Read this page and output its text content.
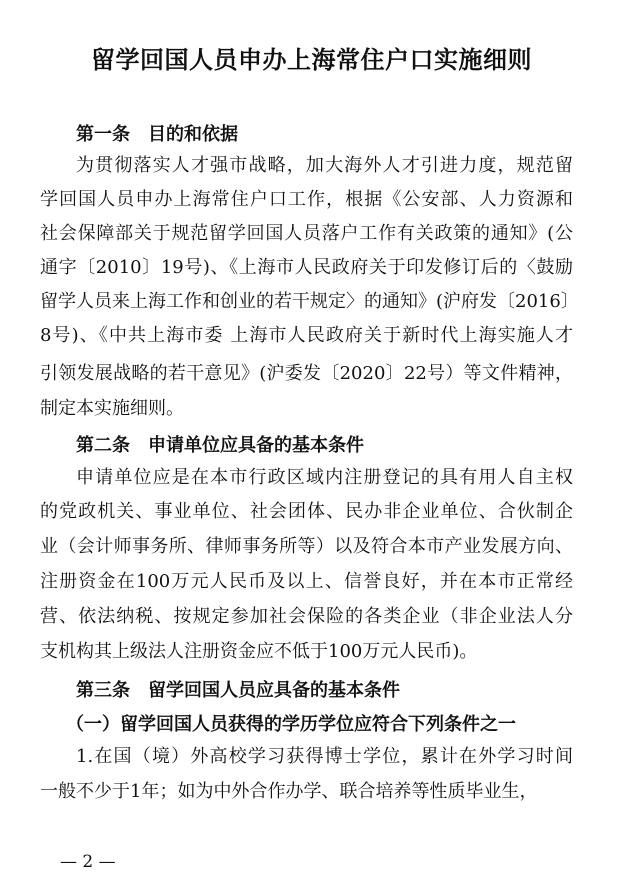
留学回国人员申办上海常住户口实施细则
第一条 目的和依据
为贯彻落实人才强市战略，加大海外人才引进力度，规范留
学回国人员申办上海常住户口工作，根据《公安部、人力资源和
社会保障部关于规范留学回国人员落户工作有关政策的通知》(公
通字〔2010〕19号)、《上海市人民政府关于印发修订后的〈鼓励
留学人员来上海工作和创业的若干规定〉的通知》(沪府发〔2016〕
8号)、《中共上海市委 上海市人民政府关于新时代上海实施人才
引领发展战略的若干意见》(沪委发〔2020〕22号）等文件精神，
制定本实施细则。
第二条 申请单位应具备的基本条件
申请单位应是在本市行政区域内注册登记的具有用人自主权
的党政机关、事业单位、社会团体、民办非企业单位、合伙制企
业（会计师事务所、律师事务所等）以及符合本市产业发展方向、
注册资金在100万元人民币及以上、信誉良好，并在本市正常经
营、依法纳税、按规定参加社会保险的各类企业（非企业法人分
支机构其上级法人注册资金应不低于100万元人民币)。
第三条 留学回国人员应具备的基本条件
（一）留学回国人员获得的学历学位应符合下列条件之一
1.在国（境）外高校学习获得博士学位，累计在外学习时间
一般不少于1年；如为中外合作办学、联合培养等性质毕业生，
— 2 —
